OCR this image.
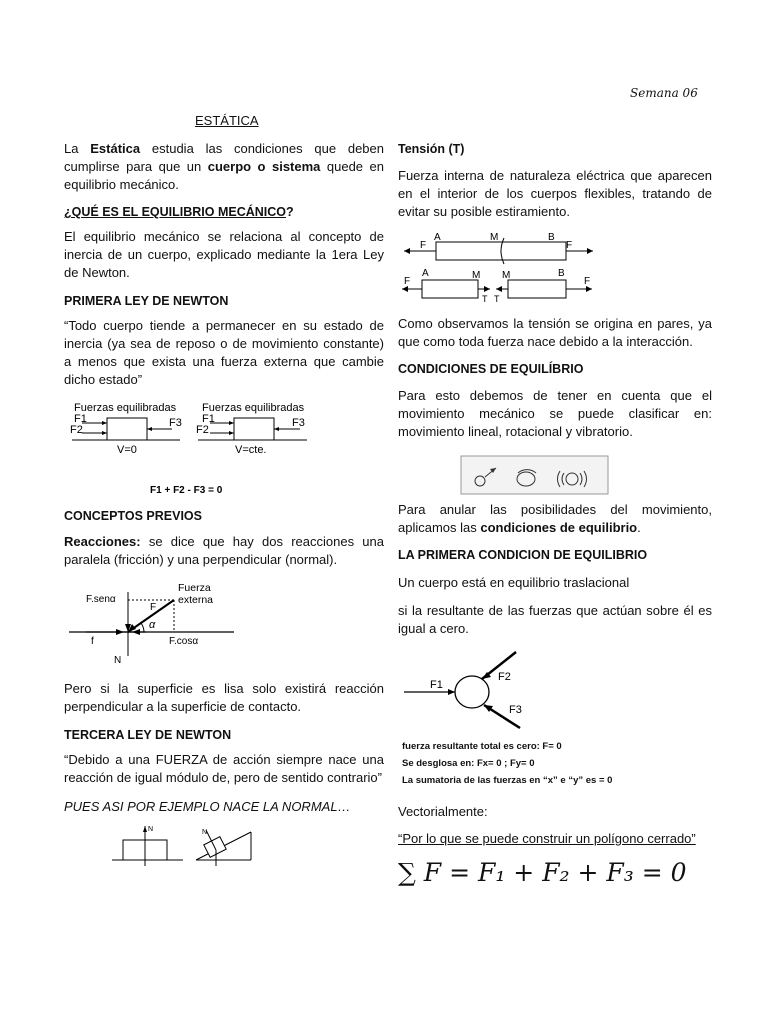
Semana 06
ESTÁTICA

La Estática estudia las condiciones que deben cumplirse para que un cuerpo o sistema quede en equilibrio mecánico.

¿QUÉ ES EL EQUILIBRIO MECÁNICO?

El equilibrio mecánico se relaciona al concepto de inercia de un cuerpo, explicado mediante la 1era Ley de Newton.

PRIMERA LEY DE NEWTON

“Todo cuerpo tiende a permanecer en su estado de inercia (ya sea de reposo o de movimiento constante) a menos que exista una fuerza externa que cambie dicho estado”

Fuerzas equilibradas Fuerzas equilibradas
F1
F2
F3
V=0
F1
F2
F3
V=cte.
F1 + F2 - F3 = 0
CONCEPTOS PREVIOS

Reacciones: se dice que hay dos reacciones una paralela (fricción) y una perpendicular (normal).

F.senα
Fuerza
externa
F
α
f	F.cosα
N

Pero si la superficie es lisa solo existirá reacción perpendicular a la superficie de contacto.

TERCERA LEY DE NEWTON

“Debido a una FUERZA de acción siempre nace una reacción de igual módulo de, pero de sentido contrario”

PUES ASI POR EJEMPLO NACE LA NORMAL…
N	N
Tensión (T)

Fuerza interna de naturaleza eléctrica que aparecen en el interior de los cuerpos flexibles, tratando de evitar su posible estiramiento.

F
A	M	B
F
F
A	M M	B
F
T T

Como observamos la tensión se origina en pares, ya que como toda fuerza nace debido a la interacción.

CONDICIONES DE EQUILÍBRIO

Para esto debemos de tener en cuenta que el movimiento mecánico se puede clasificar en: movimiento lineal, rotacional y vibratorio.

Para anular las posibilidades del movimiento, aplicamos las condiciones de equilibrio.

LA PRIMERA CONDICION DE EQUILIBRIO
Un cuerpo está en equilibrio traslacional

si la resultante de las fuerzas que actúan sobre él es igual a cero.

F1
F2
F3
fuerza resultante total es cero: F= 0
Se desglosa en: Fx= 0 ; Fy= 0
La sumatoria de las fuerzas en “x” e “y” es = 0
Vectorialmente:
“Por lo que se puede construir un polígono cerrado”
∑ F = F₁ + F₂ + F₃ = 0
